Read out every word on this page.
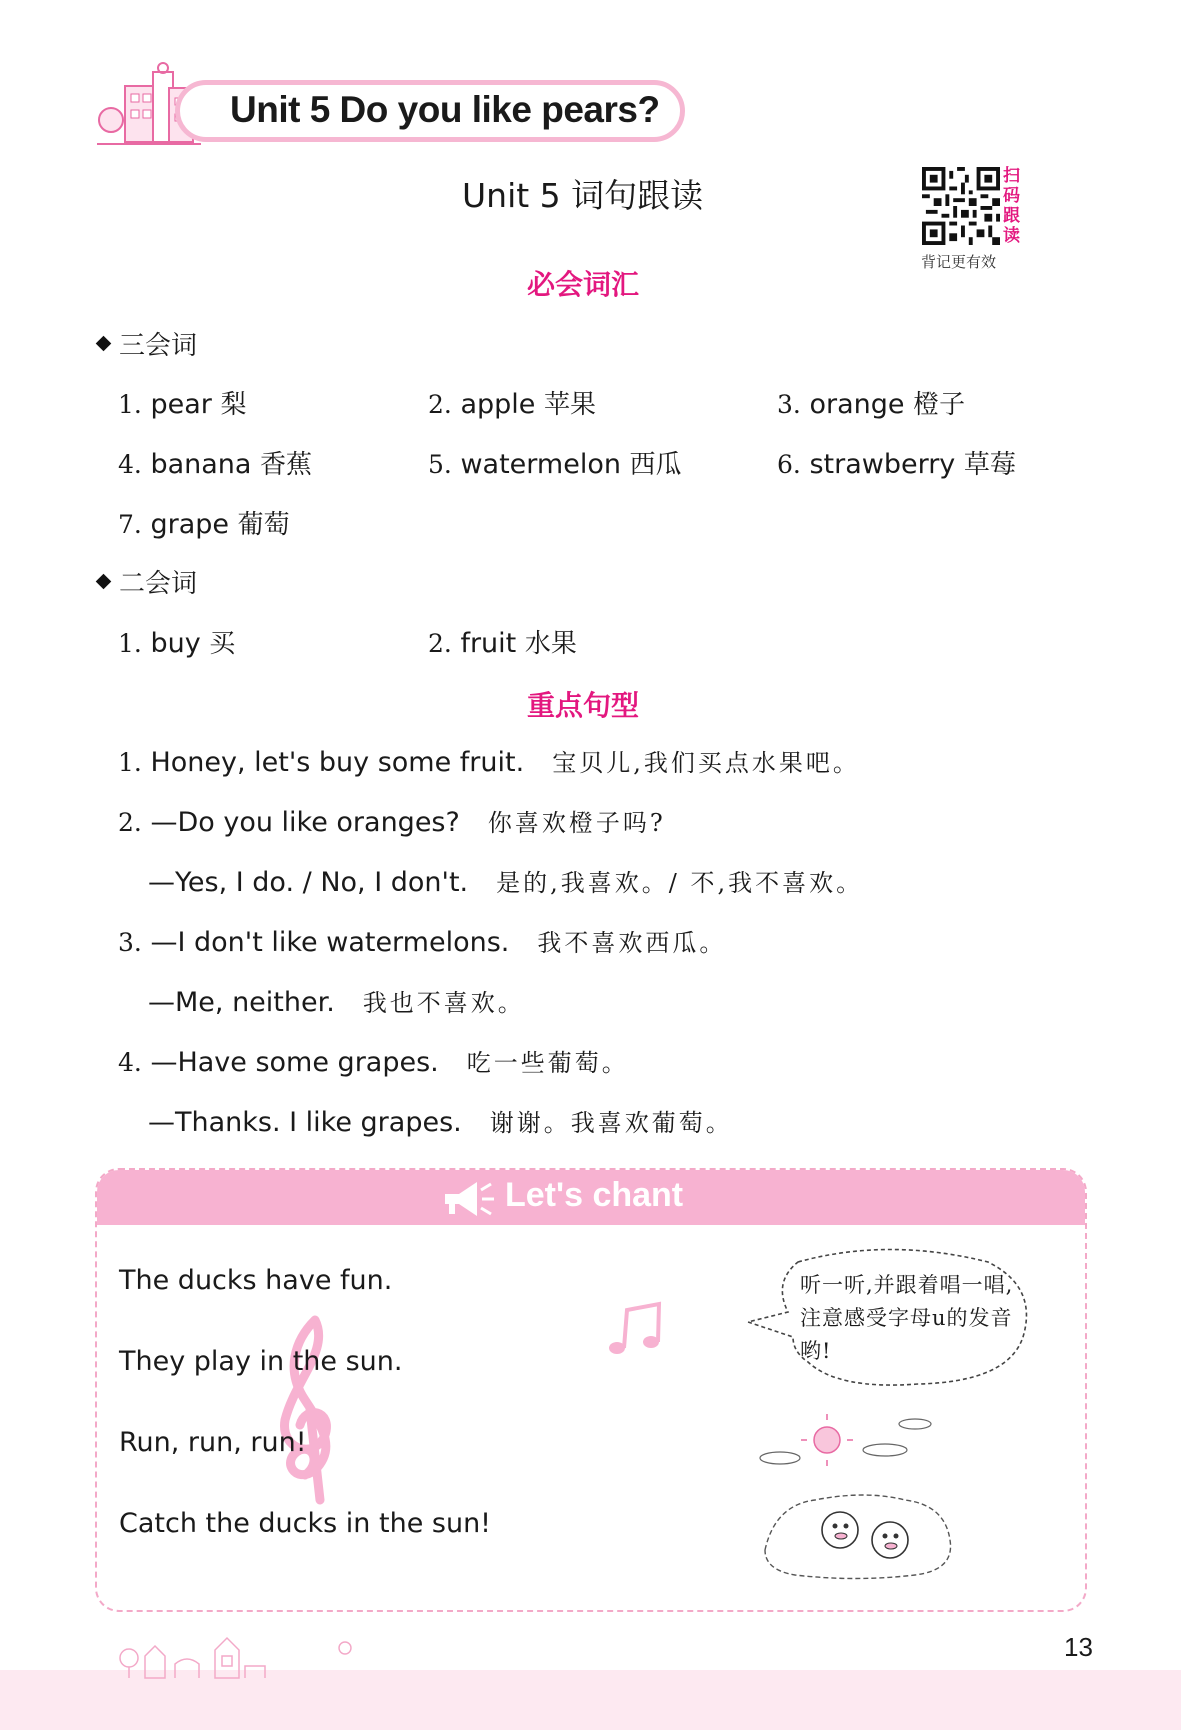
Unit 5 Do you like pears?
Unit 5 词句跟读	扫码跟读
背记更有效
必会词汇
三会词
1. pear 梨	2. apple 苹果	3. orange 橙子
4. banana 香蕉	5. watermelon 西瓜	6. strawberry 草莓
7. grape 葡萄
二会词
1. buy 买	2. fruit 水果
重点句型
1. Honey, let's buy some fruit. 宝贝儿,我们买点水果吧。
2. —Do you like oranges? 你喜欢橙子吗?
—Yes, I do. / No, I don't. 是的,我喜欢。/ 不,我不喜欢。
3. —I don't like watermelons. 我不喜欢西瓜。
—Me, neither. 我也不喜欢。
4. —Have some grapes. 吃一些葡萄。
—Thanks. I like grapes. 谢谢。我喜欢葡萄。
Let's chant
The ducks have fun.
They play in the sun.
Run, run, run!
Catch the ducks in the sun!
听一听,并跟着唱一唱,注意感受字母u的发音哟!
13
